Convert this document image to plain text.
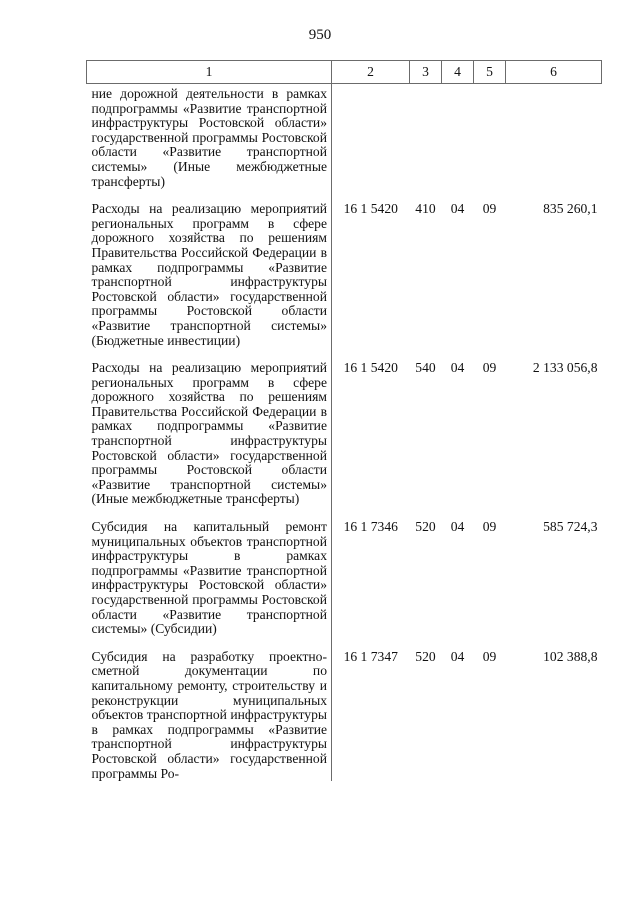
950
1	2	3	4	5	6
ние дорожной деятельности в рамках подпрограммы «Развитие транспортной инфраструктуры Ростовской области» государственной программы Ростовской области «Развитие транспортной системы» (Иные межбюджетные трансферты)					

Расходы на реализацию мероприятий региональных программ в сфере дорожного хозяйства по решениям Правительства Российской Федерации в рамках подпрограммы «Развитие транспортной инфраструктуры Ростовской области» государственной программы Ростовской области «Развитие транспортной системы» (Бюджетные инвестиции)	16 1 5420	410	04	09	835 260,1

Расходы на реализацию мероприятий региональных программ в сфере дорожного хозяйства по решениям Правительства Российской Федерации в рамках подпрограммы «Развитие транспортной инфраструктуры Ростовской области» государственной программы Ростовской области «Развитие транспортной системы» (Иные межбюджетные трансферты)	16 1 5420	540	04	09	2 133 056,8

Субсидия на капитальный ремонт муниципальных объектов транспортной инфраструктуры в рамках подпрограммы «Развитие транспортной инфраструктуры Ростовской области» государственной программы Ростовской области «Развитие транспортной системы» (Субсидии)	16 1 7346	520	04	09	585 724,3

Субсидия на разработку проектно-сметной документации по капитальному ремонту, строительству и реконструкции муниципальных объектов транспортной инфраструктуры в рамках подпрограммы «Развитие транспортной инфраструктуры Ростовской области» государственной программы Ро-	16 1 7347	520	04	09	102 388,8
